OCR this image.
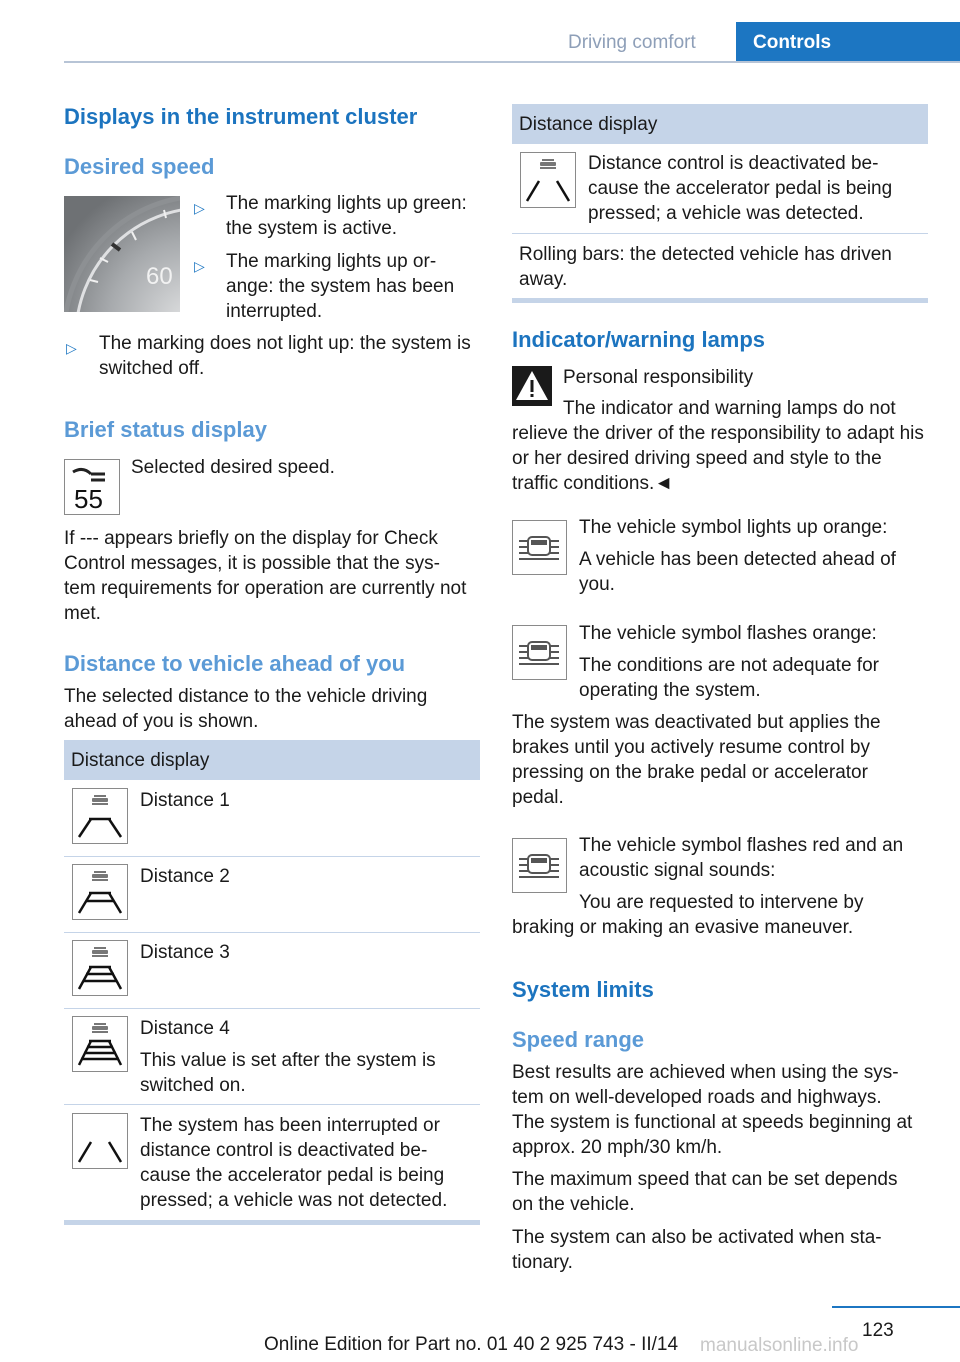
Driving comfort	Controls
Displays in the instrument cluster
Desired speed
60
▷ The marking lights up green: the system is active.
▷ The marking lights up or-ange: the system has been interrupted.
▷ The marking does not light up: the system is switched off.
Brief status display
55
Selected desired speed.
If --- appears briefly on the display for Check Control messages, it is possible that the sys-tem requirements for operation are currently not met.
Distance to vehicle ahead of you
The selected distance to the vehicle driving ahead of you is shown.
Distance display
Distance 1
Distance 2
Distance 3
Distance 4
This value is set after the system is switched on.
The system has been interrupted or distance control is deactivated be-cause the accelerator pedal is being pressed; a vehicle was not detected.
Distance display
Distance control is deactivated be-cause the accelerator pedal is being pressed; a vehicle was detected.
Rolling bars: the detected vehicle has driven away.
Indicator/warning lamps
Personal responsibility
The indicator and warning lamps do not relieve the driver of the responsibility to adapt his or her desired driving speed and style to the traffic conditions.◄
The vehicle symbol lights up orange:
A vehicle has been detected ahead of you.
The vehicle symbol flashes orange:
The conditions are not adequate for operating the system.
The system was deactivated but applies the brakes until you actively resume control by pressing on the brake pedal or accelerator pedal.
The vehicle symbol flashes red and an acoustic signal sounds:
You are requested to intervene by braking or making an evasive maneuver.
System limits
Speed range
Best results are achieved when using the sys-tem on well-developed roads and highways.
The system is functional at speeds beginning at approx. 20 mph/30 km/h.
The maximum speed that can be set depends on the vehicle.
The system can also be activated when sta-tionary.
123
Online Edition for Part no. 01 40 2 925 743 - II/14 manualsonline.info
